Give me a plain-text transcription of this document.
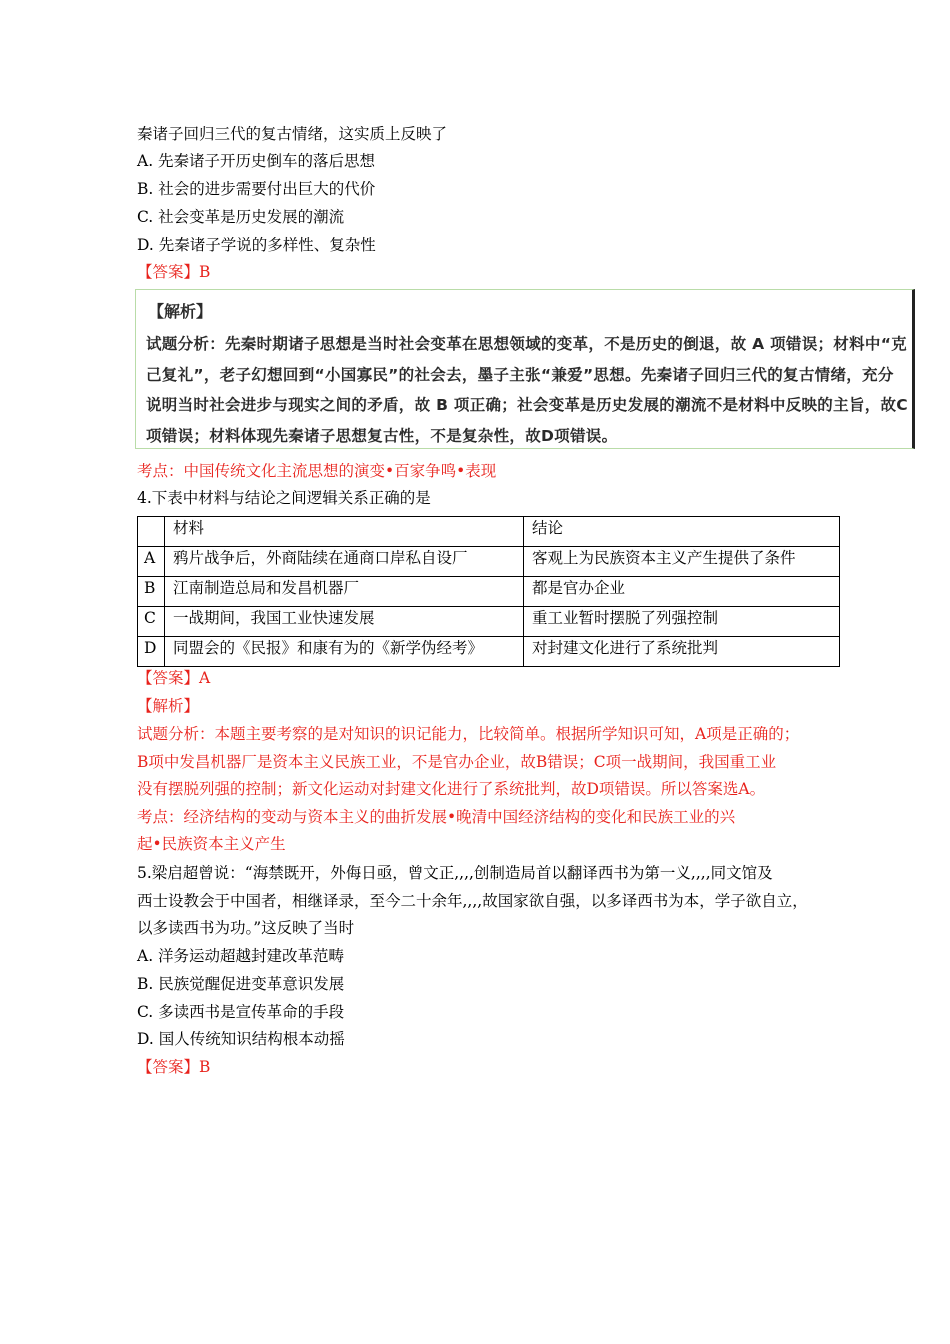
秦诸子回归三代的复古情绪，这实质上反映了
A. 先秦诸子开历史倒车的落后思想
B. 社会的进步需要付出巨大的代价
C. 社会变革是历史发展的潮流
D. 先秦诸子学说的多样性、复杂性
【答案】B
【解析】
试题分析：先秦时期诸子思想是当时社会变革在思想领域的变革，不是历史的倒退，故 A 项错误；材料中“克己复礼”，老子幻想回到“小国寡民”的社会去，墨子主张“兼爱”思想。先秦诸子回归三代的复古情绪，充分说明当时社会进步与现实之间的矛盾，故 B 项正确；社会变革是历史发展的潮流不是材料中反映的主旨，故C项错误；材料体现先秦诸子思想复古性，不是复杂性，故D项错误。
考点：中国传统文化主流思想的演变•百家争鸣•表现
4.下表中材料与结论之间逻辑关系正确的是
	材料	结论
A	鸦片战争后，外商陆续在通商口岸私自设厂	客观上为民族资本主义产生提供了条件
B	江南制造总局和发昌机器厂	都是官办企业
C	一战期间，我国工业快速发展	重工业暂时摆脱了列强控制
D	同盟会的《民报》和康有为的《新学伪经考》	对封建文化进行了系统批判
【答案】A
【解析】
试题分析：本题主要考察的是对知识的识记能力，比较简单。根据所学知识可知，A项是正确的；
B项中发昌机器厂是资本主义民族工业，不是官办企业，故B错误；C项一战期间，我国重工业
没有摆脱列强的控制；新文化运动对封建文化进行了系统批判，故D项错误。所以答案选A。
考点：经济结构的变动与资本主义的曲折发展•晚清中国经济结构的变化和民族工业的兴
起•民族资本主义产生
5.梁启超曾说：“海禁既开，外侮日亟，曾文正,,,,创制造局首以翻译西书为第一义,,,,同文馆及
西士设教会于中国者，相继译录，至今二十余年,,,,故国家欲自强，以多译西书为本，学子欲自立，
以多读西书为功。”这反映了当时
A. 洋务运动超越封建改革范畴
B. 民族觉醒促进变革意识发展
C. 多读西书是宣传革命的手段
D. 国人传统知识结构根本动摇
【答案】B
